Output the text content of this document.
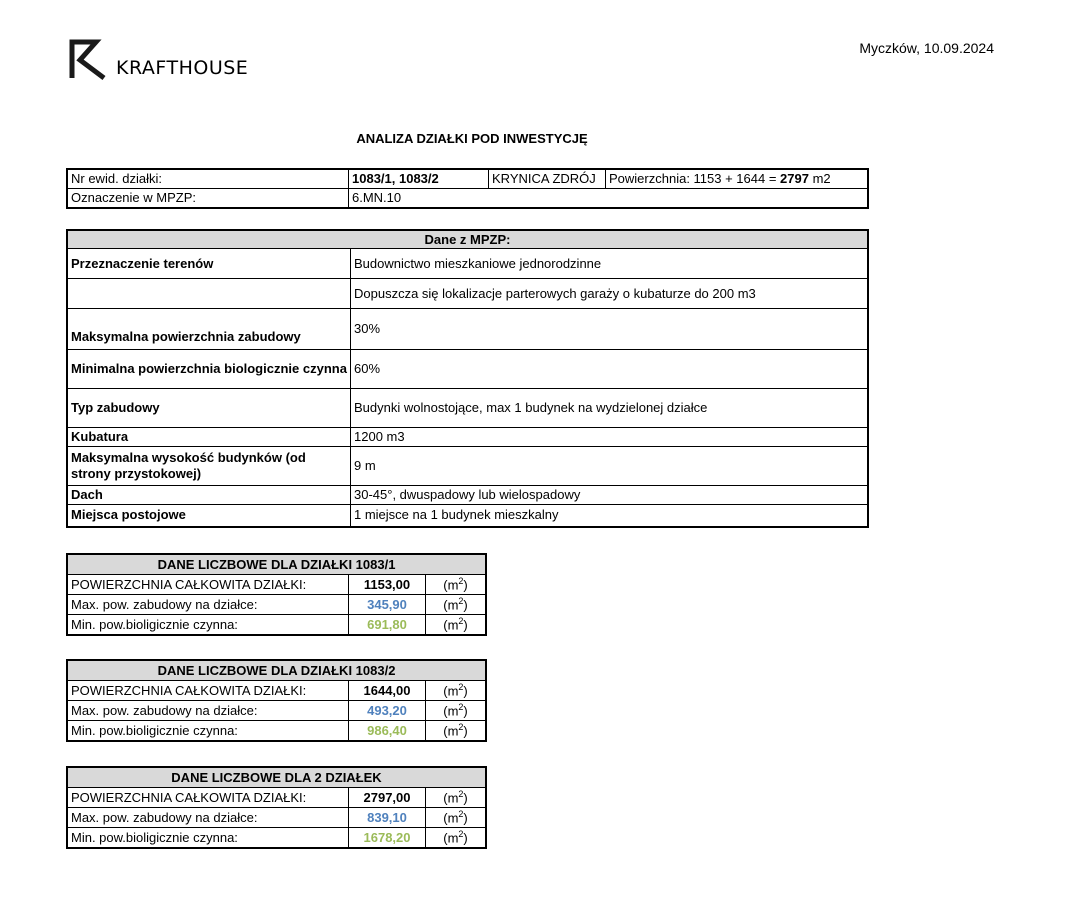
KRAFTHOUSE
Myczków, 10.09.2024
ANALIZA DZIAŁKI POD INWESTYCJĘ
Nr ewid. działki:	1083/1, 1083/2	KRYNICA ZDRÓJ	Powierzchnia: 1153 + 1644 = 2797 m2
Oznaczenie w MPZP:	6.MN.10		
Dane z MPZP:	
Przeznaczenie terenów	Budownictwo mieszkaniowe jednorodzinne
	Dopuszcza się lokalizacje parterowych garaży o kubaturze do 200 m3
Maksymalna powierzchnia zabudowy	30%
Minimalna powierzchnia biologicznie czynna	60%
Typ zabudowy	Budynki wolnostojące, max 1 budynek na wydzielonej działce
Kubatura	1200 m3
Maksymalna wysokość budynków (od strony przystokowej)	9 m
Dach	30-45°, dwuspadowy lub wielospadowy
Miejsca postojowe	1 miejsce na 1 budynek mieszkalny
DANE LICZBOWE DLA DZIAŁKI 1083/1		
POWIERZCHNIA CAŁKOWITA DZIAŁKI:	1153,00	$(m^2)$
Max. pow. zabudowy na działce:	345,90	$(m^2)$
Min. pow.bioligicznie czynna:	691,80	$(m^2)$
DANE LICZBOWE DLA DZIAŁKI 1083/2		
POWIERZCHNIA CAŁKOWITA DZIAŁKI:	1644,00	$(m^2)$
Max. pow. zabudowy na działce:	493,20	$(m^2)$
Min. pow.bioligicznie czynna:	986,40	$(m^2)$
DANE LICZBOWE DLA 2 DZIAŁEK		
POWIERZCHNIA CAŁKOWITA DZIAŁKI:	2797,00	$(m^2)$
Max. pow. zabudowy na działce:	839,10	$(m^2)$
Min. pow.bioligicznie czynna:	1678,20	$(m^2)$
